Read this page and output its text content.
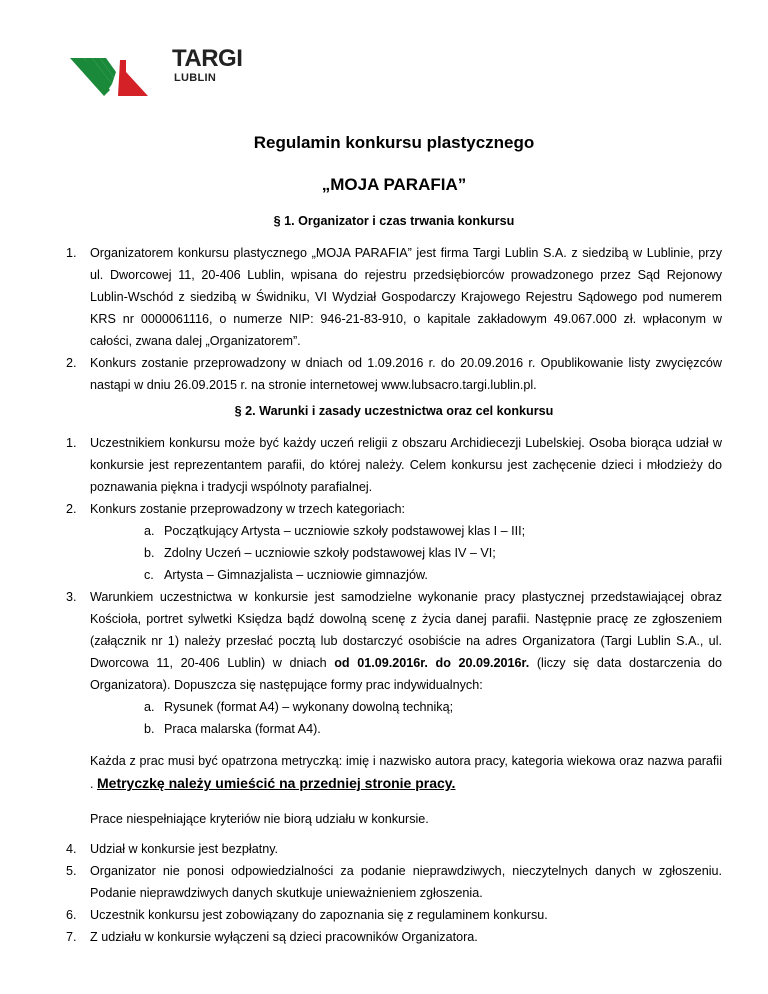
TARGI
LUBLIN

Regulamin konkursu plastycznego

„MOJA PARAFIA”

§ 1. Organizator i czas trwania konkursu

1. Organizatorem konkursu plastycznego „MOJA PARAFIA” jest firma Targi Lublin S.A. z siedzibą w Lublinie, przy ul. Dworcowej 11, 20-406 Lublin, wpisana do rejestru przedsiębiorców prowadzonego przez Sąd Rejonowy Lublin-Wschód z siedzibą w Świdniku, VI Wydział Gospodarczy Krajowego Rejestru Sądowego pod numerem KRS nr 0000061116, o numerze NIP: 946-21-83-910, o kapitale zakładowym 49.067.000 zł. wpłaconym w całości, zwana dalej „Organizatorem”.
2. Konkurs zostanie przeprowadzony w dniach od 1.09.2016 r. do 20.09.2016 r. Opublikowanie listy zwycięzców nastąpi w dniu 26.09.2015 r. na stronie internetowej www.lubsacro.targi.lublin.pl.

§ 2. Warunki i zasady uczestnictwa oraz cel konkursu

1. Uczestnikiem konkursu może być każdy uczeń religii z obszaru Archidiecezji Lubelskiej. Osoba biorąca udział w konkursie jest reprezentantem parafii, do której należy. Celem konkursu jest zachęcenie dzieci i młodzieży do poznawania piękna i tradycji wspólnoty parafialnej.
2. Konkurs zostanie przeprowadzony w trzech kategoriach:
a. Początkujący Artysta – uczniowie szkoły podstawowej klas I – III;
b. Zdolny Uczeń – uczniowie szkoły podstawowej klas IV – VI;
c. Artysta – Gimnazjalista – uczniowie gimnazjów.
3. Warunkiem uczestnictwa w konkursie jest samodzielne wykonanie pracy plastycznej przedstawiającej obraz Kościoła, portret sylwetki Księdza bądź dowolną scenę z życia danej parafii. Następnie pracę ze zgłoszeniem (załącznik nr 1) należy przesłać pocztą lub dostarczyć osobiście na adres Organizatora (Targi Lublin S.A., ul. Dworcowa 11, 20-406 Lublin) w dniach od 01.09.2016r. do 20.09.2016r. (liczy się data dostarczenia do Organizatora). Dopuszcza się następujące formy prac indywidualnych:
a. Rysunek (format A4) – wykonany dowolną techniką;
b. Praca malarska (format A4).

Każda z prac musi być opatrzona metryczką: imię i nazwisko autora pracy, kategoria wiekowa oraz nazwa parafii . Metryczkę należy umieścić na przedniej stronie pracy.

Prace niespełniające kryteriów nie biorą udziału w konkursie.

4. Udział w konkursie jest bezpłatny.
5. Organizator nie ponosi odpowiedzialności za podanie nieprawdziwych, nieczytelnych danych w zgłoszeniu. Podanie nieprawdziwych danych skutkuje unieważnieniem zgłoszenia.
6. Uczestnik konkursu jest zobowiązany do zapoznania się z regulaminem konkursu.
7. Z udziału w konkursie wyłączeni są dzieci pracowników Organizatora.
